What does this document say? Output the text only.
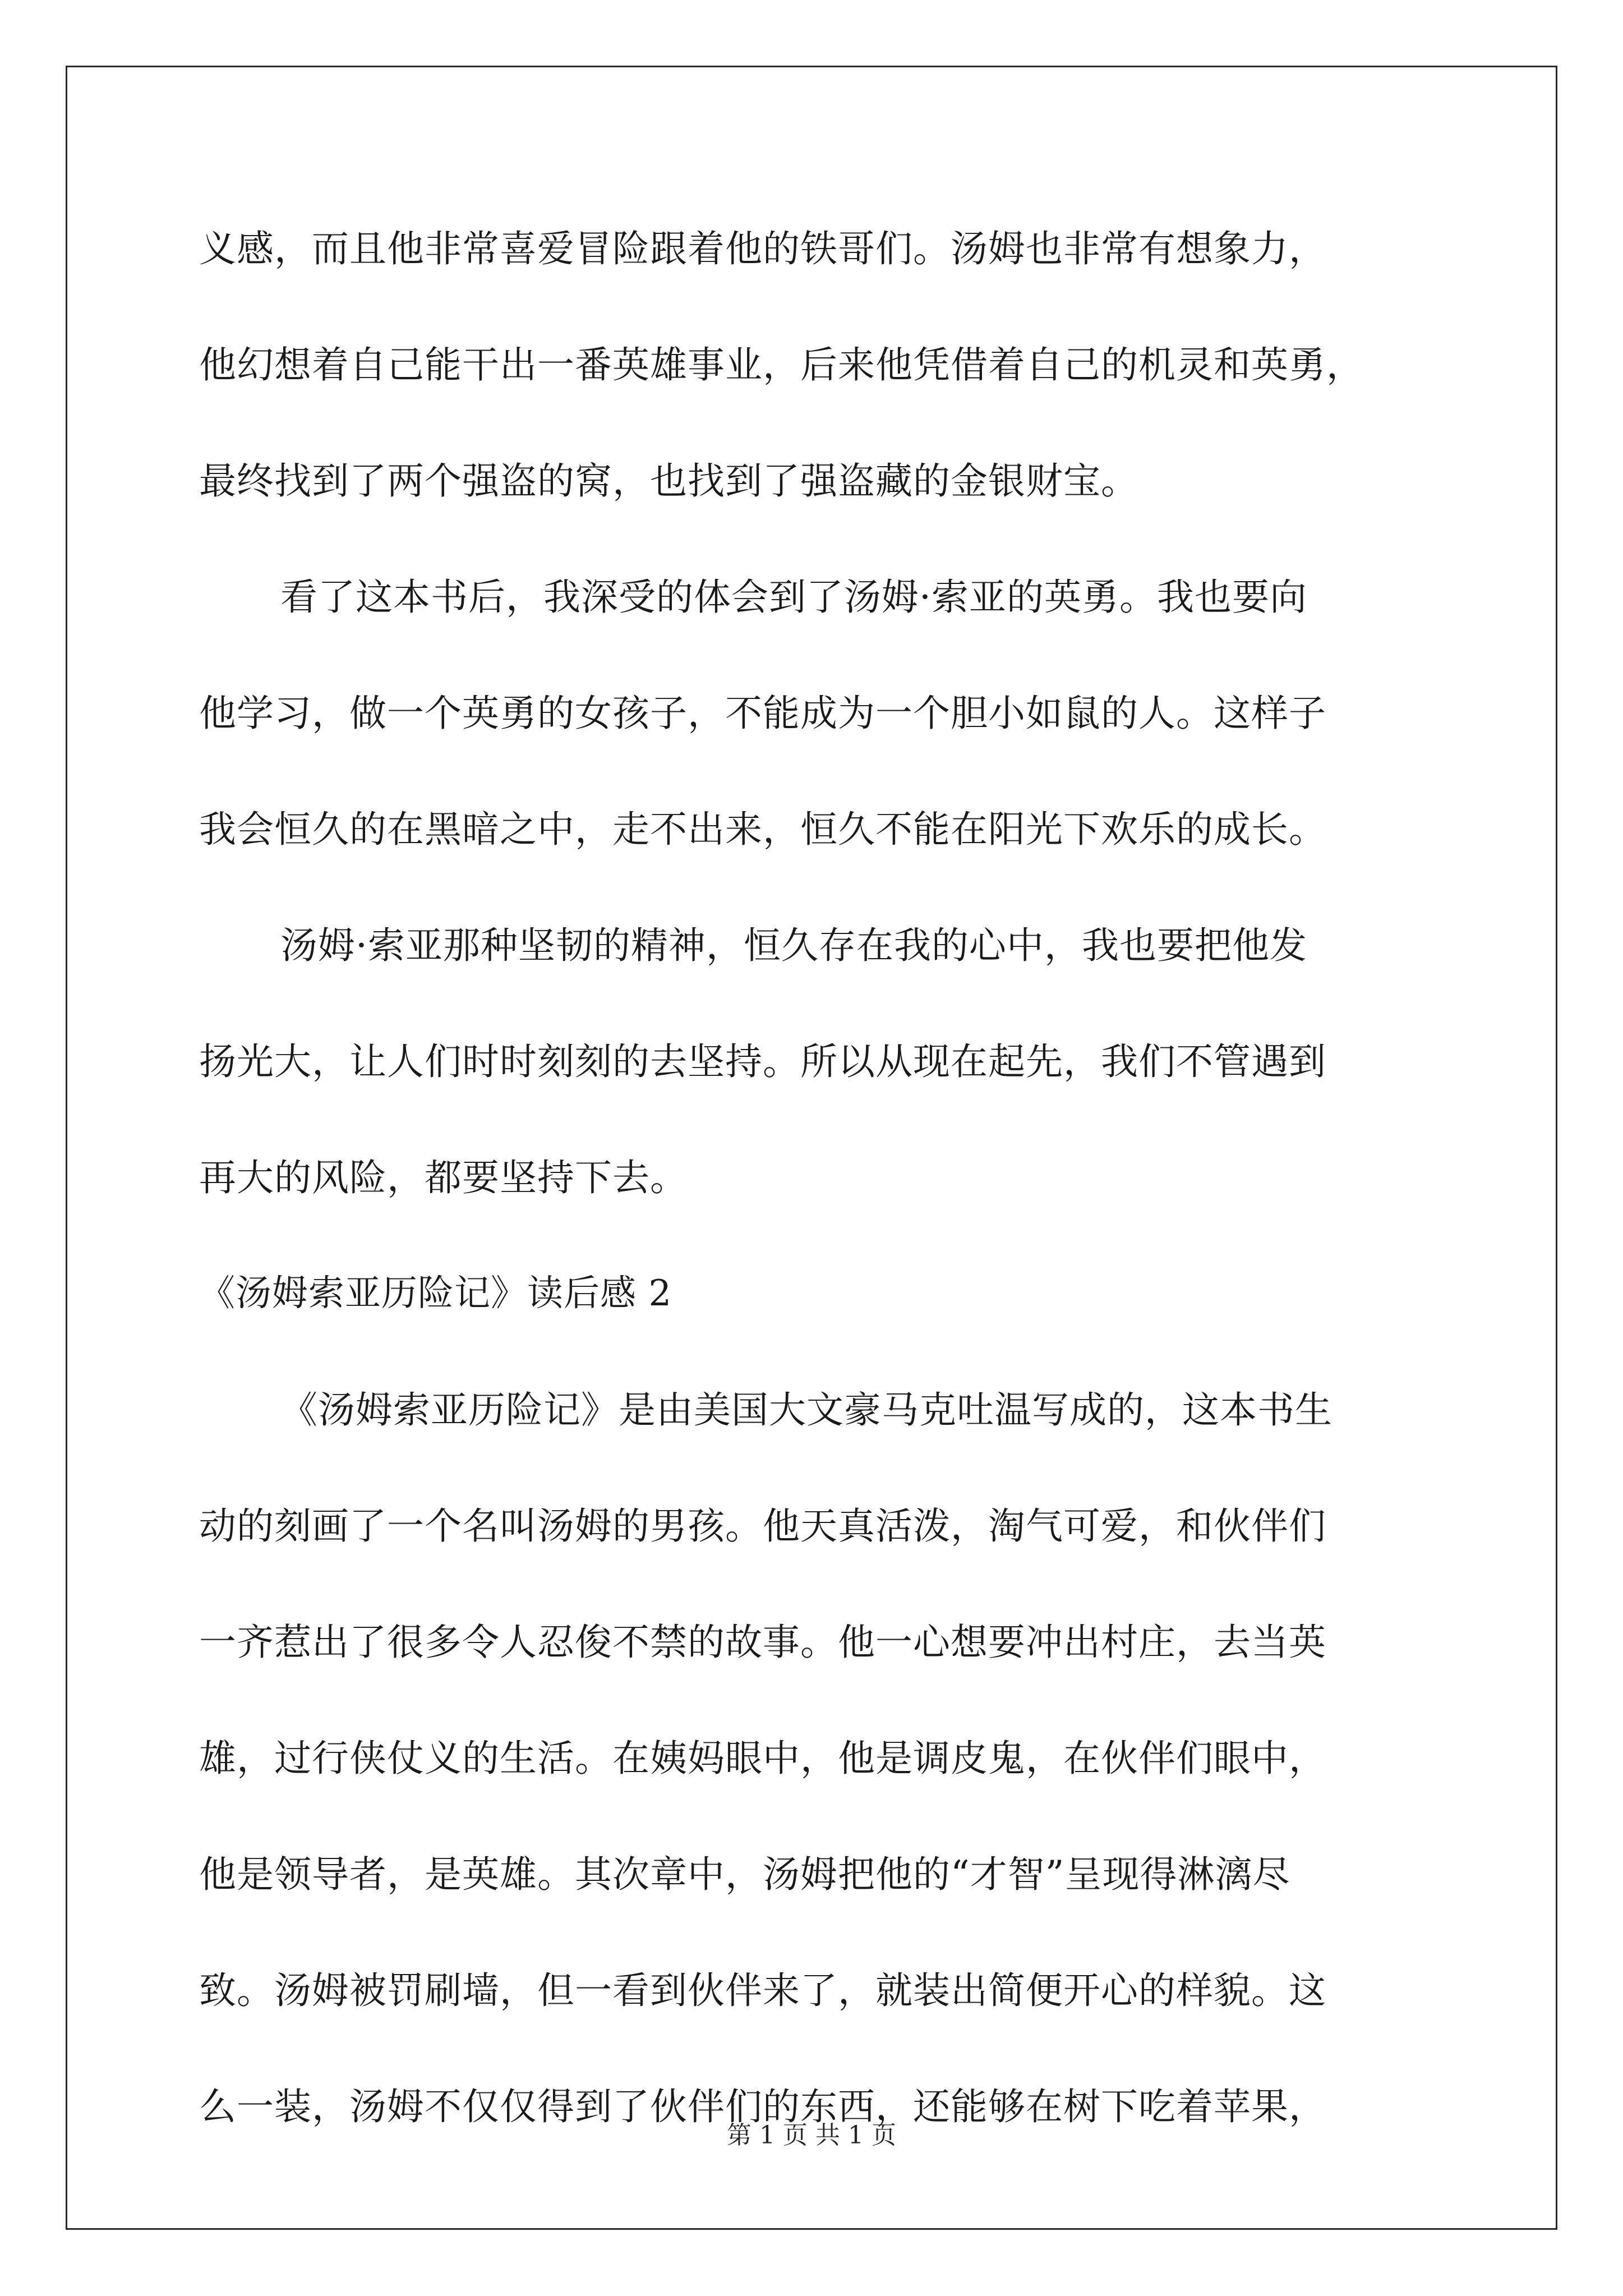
义感，而且他非常喜爱冒险跟着他的铁哥们。汤姆也非常有想象力，
他幻想着自己能干出一番英雄事业，后来他凭借着自己的机灵和英勇，
最终找到了两个强盗的窝，也找到了强盗藏的金银财宝。
看了这本书后，我深受的体会到了汤姆·索亚的英勇。我也要向
他学习，做一个英勇的女孩子，不能成为一个胆小如鼠的人。这样子
我会恒久的在黑暗之中，走不出来，恒久不能在阳光下欢乐的成长。
汤姆·索亚那种坚韧的精神，恒久存在我的心中，我也要把他发
扬光大，让人们时时刻刻的去坚持。所以从现在起先，我们不管遇到
再大的风险，都要坚持下去。
《汤姆索亚历险记》读后感 2
《汤姆索亚历险记》是由美国大文豪马克吐温写成的，这本书生
动的刻画了一个名叫汤姆的男孩。他天真活泼，淘气可爱，和伙伴们
一齐惹出了很多令人忍俊不禁的故事。他一心想要冲出村庄，去当英
雄，过行侠仗义的生活。在姨妈眼中，他是调皮鬼，在伙伴们眼中，
他是领导者，是英雄。其次章中，汤姆把他的“才智”呈现得淋漓尽
致。汤姆被罚刷墙，但一看到伙伴来了，就装出简便开心的样貌。这
么一装，汤姆不仅仅得到了伙伴们的东西，还能够在树下吃着苹果，
第 1 页 共 1 页
